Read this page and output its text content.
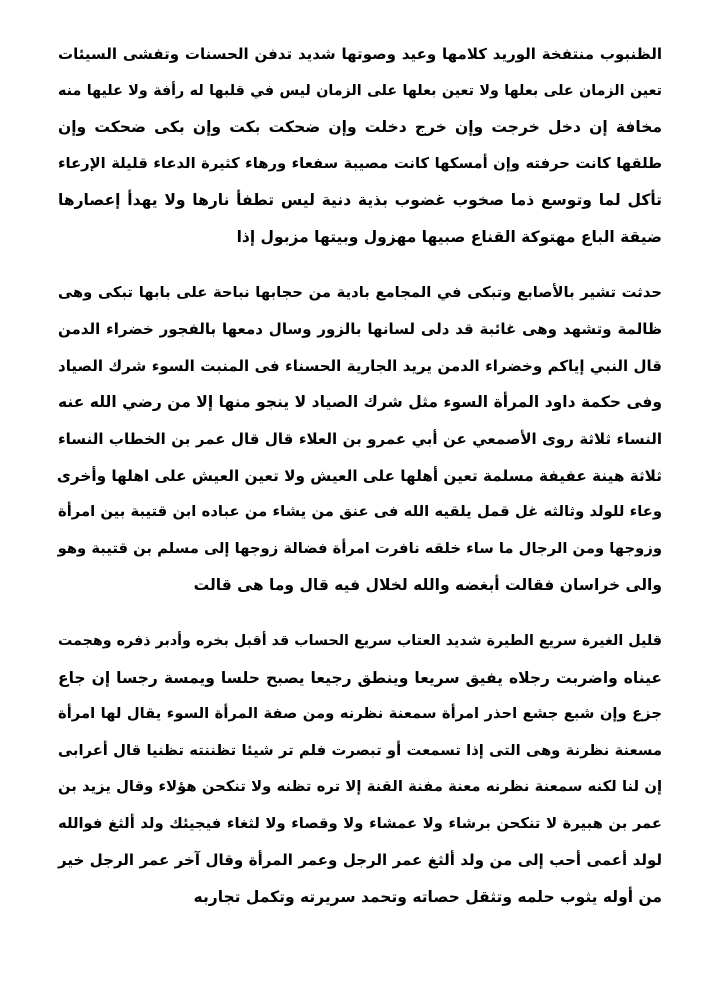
الظنبوب منتفخة الوريد كلامها وعيد وصوتها شديد تدفن الحسنات وتفشى السيئات
تعين الزمان على بعلها ولا تعين بعلها على الزمان ليس في قلبها له رأفة ولا عليها منه
مخافة إن دخل خرجت وإن خرج دخلت وإن ضحكت بكت وإن بكى ضحكت وإن
طلقها كانت حرفته وإن أمسكها كانت مصيبة سفعاء ورهاء كثيرة الدعاء قليلة الإرعاء
تأكل لما وتوسع ذما صخوب غضوب بذية دنية ليس تطفأ نارها ولا يهدأ إعصارها
ضيقة الباع مهتوكة القناع صبيها مهزول وبيتها مزبول إذا
حدثت تشير بالأصابع وتبكى في المجامع بادية من حجابها نباحة على بابها تبكى وهى
ظالمة وتشهد وهى غائبة قد دلى لسانها بالزور وسال دمعها بالفجور خضراء الدمن
قال النبي إياكم وخضراء الدمن يريد الجارية الحسناء فى المنبت السوء شرك الصياد
وفى حكمة داود المرأة السوء مثل شرك الصياد لا ينجو منها إلا من رضي الله عنه
النساء ثلاثة روى الأصمعي عن أبي عمرو بن العلاء قال قال عمر بن الخطاب النساء
ثلاثة هينة عفيفة مسلمة تعين أهلها على العيش ولا تعين العيش على اهلها وأخرى
وعاء للولد وثالثه غل قمل يلقيه الله فى عنق من يشاء من عباده ابن قتيبة بين امرأة
وزوجها ومن الرجال ما ساء خلقه نافرت امرأة فضالة زوجها إلى مسلم بن قتيبة وهو
والى خراسان فقالت أبغضه والله لخلال فيه قال وما هى قالت
قليل الغيرة سريع الطيرة شديد العتاب سريع الحساب قد أقبل بخره وأدبر ذفره وهجمت
عيناه واضربت رجلاه يفيق سريعا وينطق رجيعا يصبح حلسا ويمسة رجسا إن جاع
جزع وإن شبع جشع احذر امرأة سمعنة نظرنه ومن صفة المرأة السوء يقال لها امرأة
مسعنة نظرنة وهى التى إذا تسمعت أو تبصرت فلم تر شيئا تظننته تظنيا قال أعرابى
إن لنا لكنه سمعنة نظرنه معنة مفنة القنة إلا تره تظنه ولا تنكحن هؤلاء وقال يزيد بن
عمر بن هبيرة لا تنكحن برشاء ولا عمشاء ولا وقصاء ولا لثغاء فيجيئك ولد ألثغ فوالله
لولد أعمى أحب إلى من ولد ألثغ عمر الرجل وعمر المرأة وقال آخر عمر الرجل خير
من أوله يثوب حلمه وتثقل حصاته وتحمد سريرته وتكمل تجاربه
